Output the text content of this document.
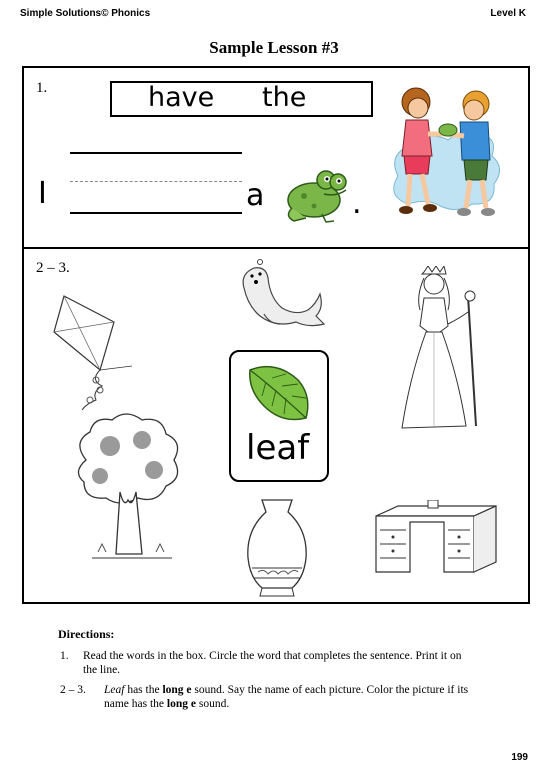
Simple Solutions© Phonics	Level K
Sample Lesson #3
1.	have the
I	a	.
2 – 3.
leaf
Directions:
1. Read the words in the box. Circle the word that completes the sentence. Print it on
the line.
2 – 3. Leaf has the long e sound. Say the name of each picture. Color the picture if its
name has the long e sound.
199
